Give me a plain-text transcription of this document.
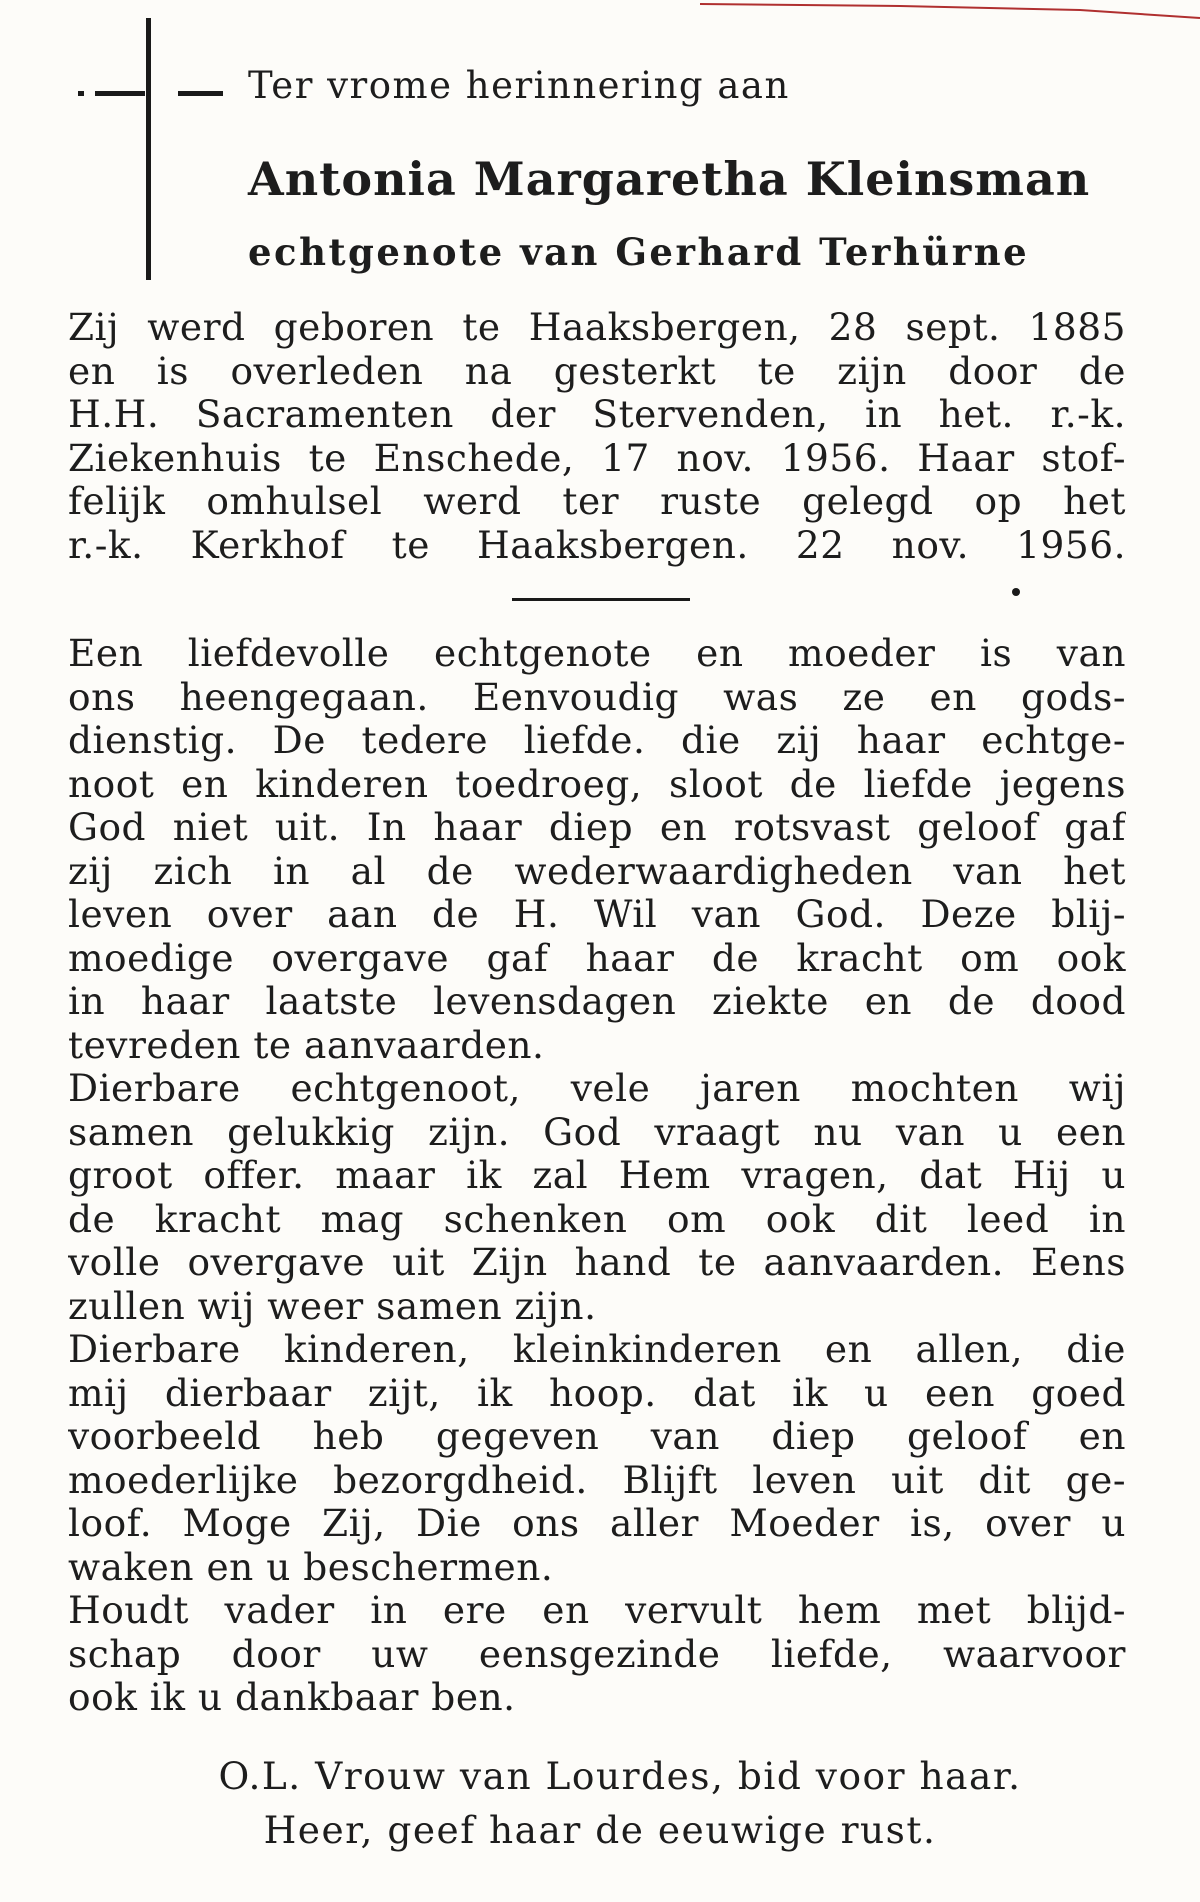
Ter vrome herinnering aan
Antonia Margaretha Kleinsman
echtgenote van Gerhard Terhürne
Zij werd geboren te Haaksbergen, 28 sept. 1885
en is overleden na gesterkt te zijn door de
H.H. Sacramenten der Stervenden, in het. r.-k.
Ziekenhuis te Enschede, 17 nov. 1956. Haar stof-
felijk omhulsel werd ter ruste gelegd op het
r.-k. Kerkhof te Haaksbergen. 22 nov. 1956.
Een liefdevolle echtgenote en moeder is van
ons heengegaan. Eenvoudig was ze en gods-
dienstig. De tedere liefde. die zij haar echtge-
noot en kinderen toedroeg, sloot de liefde jegens
God niet uit. In haar diep en rotsvast geloof gaf
zij zich in al de wederwaardigheden van het
leven over aan de H. Wil van God. Deze blij-
moedige overgave gaf haar de kracht om ook
in haar laatste levensdagen ziekte en de dood
tevreden te aanvaarden.
Dierbare echtgenoot, vele jaren mochten wij
samen gelukkig zijn. God vraagt nu van u een
groot offer. maar ik zal Hem vragen, dat Hij u
de kracht mag schenken om ook dit leed in
volle overgave uit Zijn hand te aanvaarden. Eens
zullen wij weer samen zijn.
Dierbare kinderen, kleinkinderen en allen, die
mij dierbaar zijt, ik hoop. dat ik u een goed
voorbeeld heb gegeven van diep geloof en
moederlijke bezorgdheid. Blijft leven uit dit ge-
loof. Moge Zij, Die ons aller Moeder is, over u
waken en u beschermen.
Houdt vader in ere en vervult hem met blijd-
schap door uw eensgezinde liefde, waarvoor
ook ik u dankbaar ben.
O.L. Vrouw van Lourdes, bid voor haar.
Heer, geef haar de eeuwige rust.
